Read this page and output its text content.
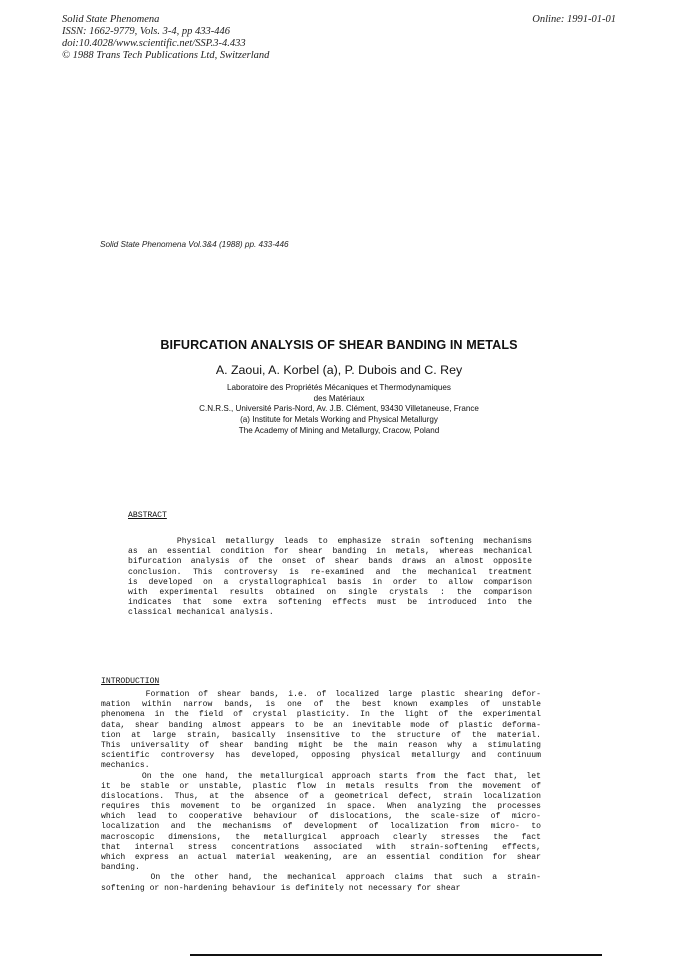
Solid State Phenomena
ISSN: 1662-9779, Vols. 3-4, pp 433-446
doi:10.4028/www.scientific.net/SSP.3-4.433
© 1988 Trans Tech Publications Ltd, Switzerland
Online: 1991-01-01
Solid State Phenomena Vol.3&4 (1988) pp. 433-446
BIFURCATION ANALYSIS OF SHEAR BANDING IN METALS
A. Zaoui, A. Korbel (a), P. Dubois and C. Rey
Laboratoire des Propriétés Mécaniques et Thermodynamiques
des Matériaux
C.N.R.S., Université Paris-Nord, Av. J.B. Clément, 93430 Villetaneuse, France
(a) Institute for Metals Working and Physical Metallurgy
The Academy of Mining and Metallurgy, Cracow, Poland
ABSTRACT
Physical metallurgy leads to emphasize strain softening mechanisms
as an essential condition for shear banding in metals, whereas mechanical
bifurcation analysis of the onset of shear bands draws an almost opposite
conclusion. This controversy is re-examined and the mechanical treatment
is developed on a crystallographical basis in order to allow comparison
with experimental results obtained on single crystals : the comparison
indicates that some extra softening effects must be introduced into the
classical mechanical analysis.
INTRODUCTION
Formation of shear bands, i.e. of localized large plastic shearing defor-
mation within narrow bands, is one of the best known examples of unstable
phenomena in the field of crystal plasticity. In the light of the experimental
data, shear banding almost appears to be an inevitable mode of plastic deforma-
tion at large strain, basically insensitive to the structure of the material.
This universality of shear banding might be the main reason why a stimulating
scientific controversy has developed, opposing physical metallurgy and continuum
mechanics.
On the one hand, the metallurgical approach starts from the fact that, let
it be stable or unstable, plastic flow in metals results from the movement of
dislocations. Thus, at the absence of a geometrical defect, strain localization
requires this movement to be organized in space. When analyzing the processes
which lead to cooperative behaviour of dislocations, the scale-size of micro-
localization and the mechanisms of development of localization from micro- to
macroscopic dimensions, the metallurgical approach clearly stresses the fact
that internal stress concentrations associated with strain-softening effects,
which express an actual material weakening, are an essential condition for shear
banding.
On the other hand, the mechanical approach claims that such a strain-
softening or non-hardening behaviour is definitely not necessary for shear
